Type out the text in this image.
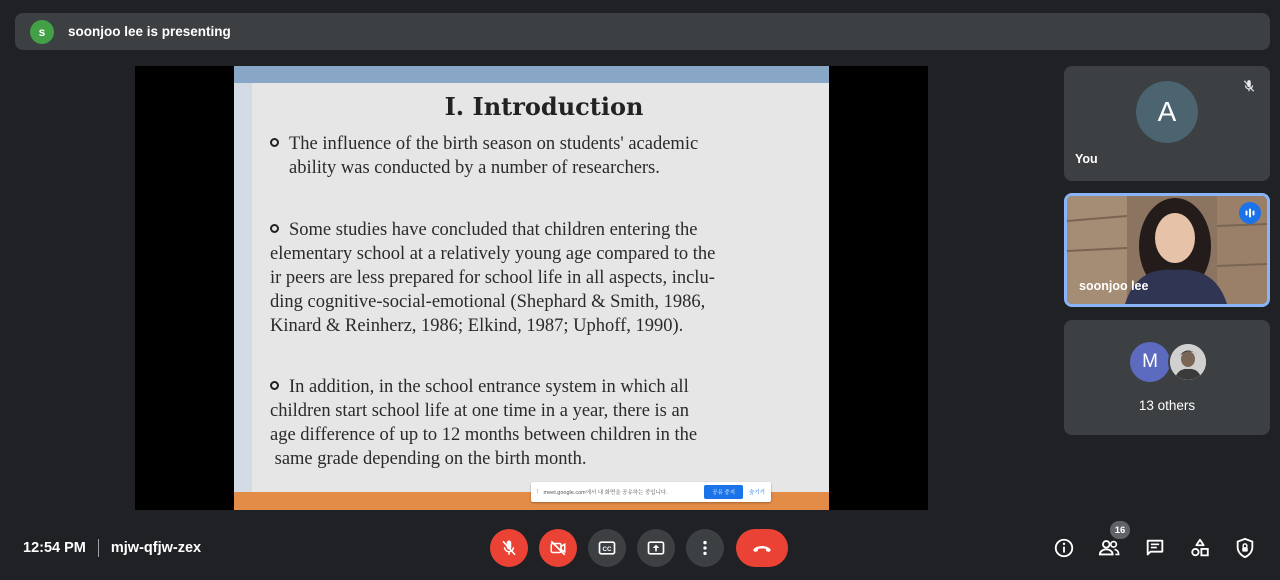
s	soonjoo lee is presenting
I. Introduction
The influence of the birth season on students' academic
ability was conducted by a number of researchers.
Some studies have concluded that children entering the
elementary school at a relatively young age compared to the
ir peers are less prepared for school life in all aspects, inclu-
ding cognitive-social-emotional (Shephard & Smith, 1986,
Kinard & Reinherz, 1986; Elkind, 1987; Uphoff, 1990).
In addition, in the school entrance system in which all
children start school life at one time in a year, there is an
age difference of up to 12 months between children in the
same grade depending on the birth month.
⁞ meet.google.com에서 내 화면을 공유하는 중입니다.	공유 중지	숨기기
A
You
soonjoo lee
M
13 others
12:54 PM mjw-qfjw-zex	CC
16
